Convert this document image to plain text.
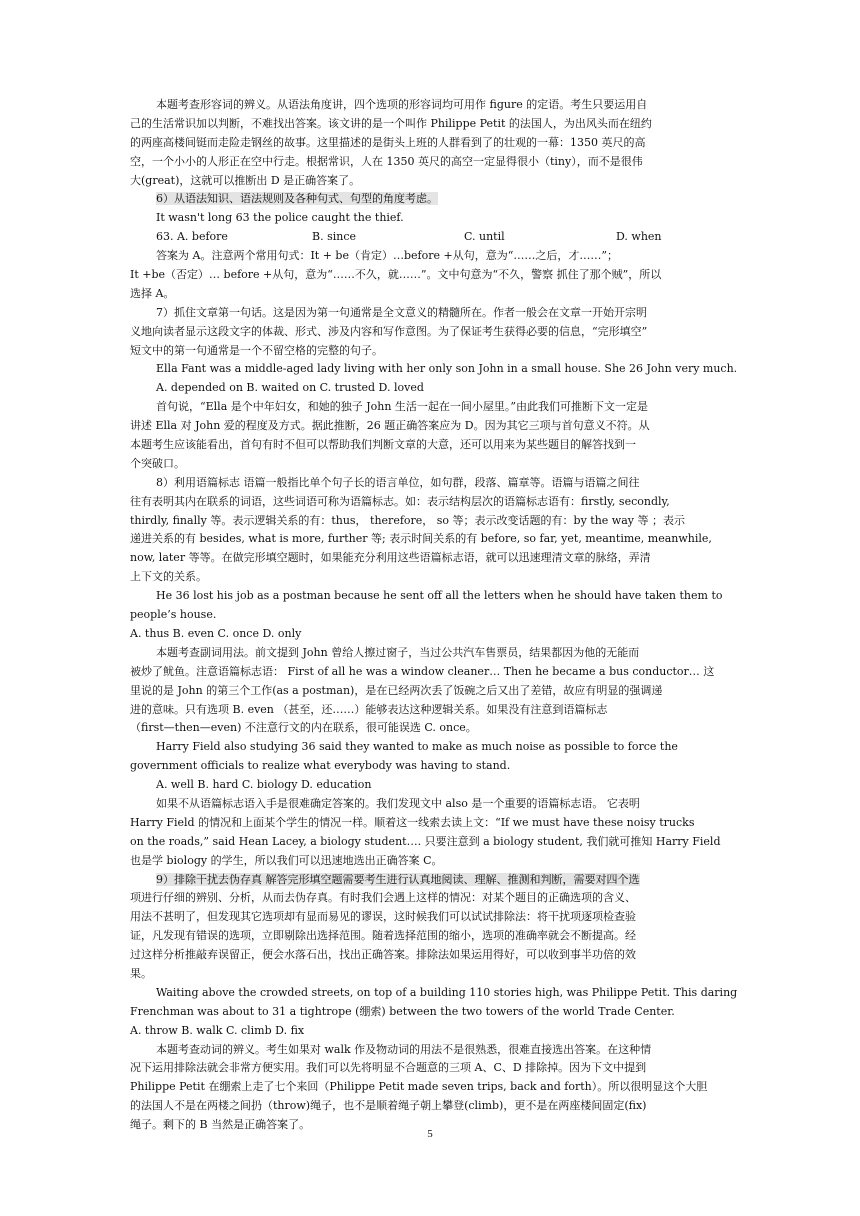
本题考查形容词的辨义。从语法角度讲，四个选项的形容词均可用作 figure 的定语。考生只要运用自
己的生活常识加以判断，不难找出答案。该文讲的是一个叫作 Philippe Petit 的法国人，为出风头而在纽约
的两座高楼间铤而走险走钢丝的故事。这里描述的是街头上班的人群看到了的壮观的一幕：1350 英尺的高
空，一个小小的人形正在空中行走。根据常识，人在 1350 英尺的高空一定显得很小（tiny），而不是很伟
大(great)，这就可以推断出 D 是正确答案了。
6）从语法知识、语法规则及各种句式、句型的角度考虑。
It wasn't long 63 the police caught the thief.
63. A. before	B. since	C. until	D. when
答案为 A。注意两个常用句式：It + be（肯定）…before +从句，意为“……之后，才……”；
It +be（否定）… before +从句，意为“……不久，就……”。文中句意为“不久，警察 抓住了那个贼”，所以
选择 A。
7）抓住文章第一句话。这是因为第一句通常是全文意义的精髓所在。作者一般会在文章一开始开宗明
义地向读者显示这段文字的体裁、形式、涉及内容和写作意图。为了保证考生获得必要的信息，“完形填空”
短文中的第一句通常是一个不留空格的完整的句子。
Ella Fant was a middle-aged lady living with her only son John in a small house. She 26 John very much.
A. depended on B. waited on C. trusted D. loved
首句说，“Ella 是个中年妇女，和她的独子 John 生活一起在一间小屋里。”由此我们可推断下文一定是
讲述 Ella 对 John 爱的程度及方式。据此推断，26 题正确答案应为 D。因为其它三项与首句意义不符。从
本题考生应该能看出，首句有时不但可以帮助我们判断文章的大意，还可以用来为某些题目的解答找到一
个突破口。
8）利用语篇标志 语篇一般指比单个句子长的语言单位，如句群，段落、篇章等。语篇与语篇之间往
往有表明其内在联系的词语，这些词语可称为语篇标志。如：表示结构层次的语篇标志语有：firstly, secondly,
thirdly, finally 等。表示逻辑关系的有：thus， therefore， so 等；表示改变话题的有：by the way 等 ；表示
递进关系的有 besides, what is more, further 等; 表示时间关系的有 before, so far, yet, meantime, meanwhile,
now, later 等等。在做完形填空题时，如果能充分利用这些语篇标志语，就可以迅速理清文章的脉络，弄清
上下文的关系。
He 36 lost his job as a postman because he sent off all the letters when he should have taken them to
people’s house.
A. thus B. even C. once D. only
本题考查副词用法。前文提到 John 曾给人擦过窗子，当过公共汽车售票员，结果都因为他的无能而
被炒了鱿鱼。注意语篇标志语： First of all he was a window cleaner… Then he became a bus conductor… 这
里说的是 John 的第三个工作(as a postman)，是在已经两次丢了饭碗之后又出了差错，故应有明显的强调递
进的意味。只有选项 B. even （甚至，还……）能够表达这种逻辑关系。如果没有注意到语篇标志
（first—then—even) 不注意行文的内在联系，很可能误选 C. once。
Harry Field also studying 36 said they wanted to make as much noise as possible to force the
government officials to realize what everybody was having to stand.
A. well B. hard C. biology D. education
如果不从语篇标志语入手是很难确定答案的。我们发现文中 also 是一个重要的语篇标志语。 它表明
Harry Field 的情况和上面某个学生的情况一样。顺着这一线索去读上文：“If we must have these noisy trucks
on the roads,” said Hean Lacey, a biology student…. 只要注意到 a biology student, 我们就可推知 Harry Field
也是学 biology 的学生，所以我们可以迅速地选出正确答案 C。
9）排除干扰去伪存真 解答完形填空题需要考生进行认真地阅读、理解、推测和判断，需要对四个选
项进行仔细的辨别、分析，从而去伪存真。有时我们会遇上这样的情况：对某个题目的正确选项的含义、
用法不甚明了，但发现其它选项却有显而易见的谬误，这时候我们可以试试排除法：将干扰项逐项检查验
证，凡发现有错误的选项，立即剔除出选择范围。随着选择范围的缩小，选项的准确率就会不断提高。经
过这样分析推敲弃误留正，便会水落石出，找出正确答案。排除法如果运用得好，可以收到事半功倍的效
果。
Waiting above the crowded streets, on top of a building 110 stories high, was Philippe Petit. This daring
Frenchman was about to 31 a tightrope (绷索) between the two towers of the world Trade Center.
A. throw B. walk C. climb D. fix
本题考查动词的辨义。考生如果对 walk 作及物动词的用法不是很熟悉，很难直接选出答案。在这种情
况下运用排除法就会非常方便实用。我们可以先将明显不合题意的三项 A、C、D 排除掉。因为下文中提到
Philippe Petit 在绷索上走了七个来回（Philippe Petit made seven trips, back and forth）。所以很明显这个大胆
的法国人不是在两楼之间扔（throw)绳子，也不是顺着绳子朝上攀登(climb)，更不是在两座楼间固定(fix)
绳子。剩下的 B 当然是正确答案了。
5
